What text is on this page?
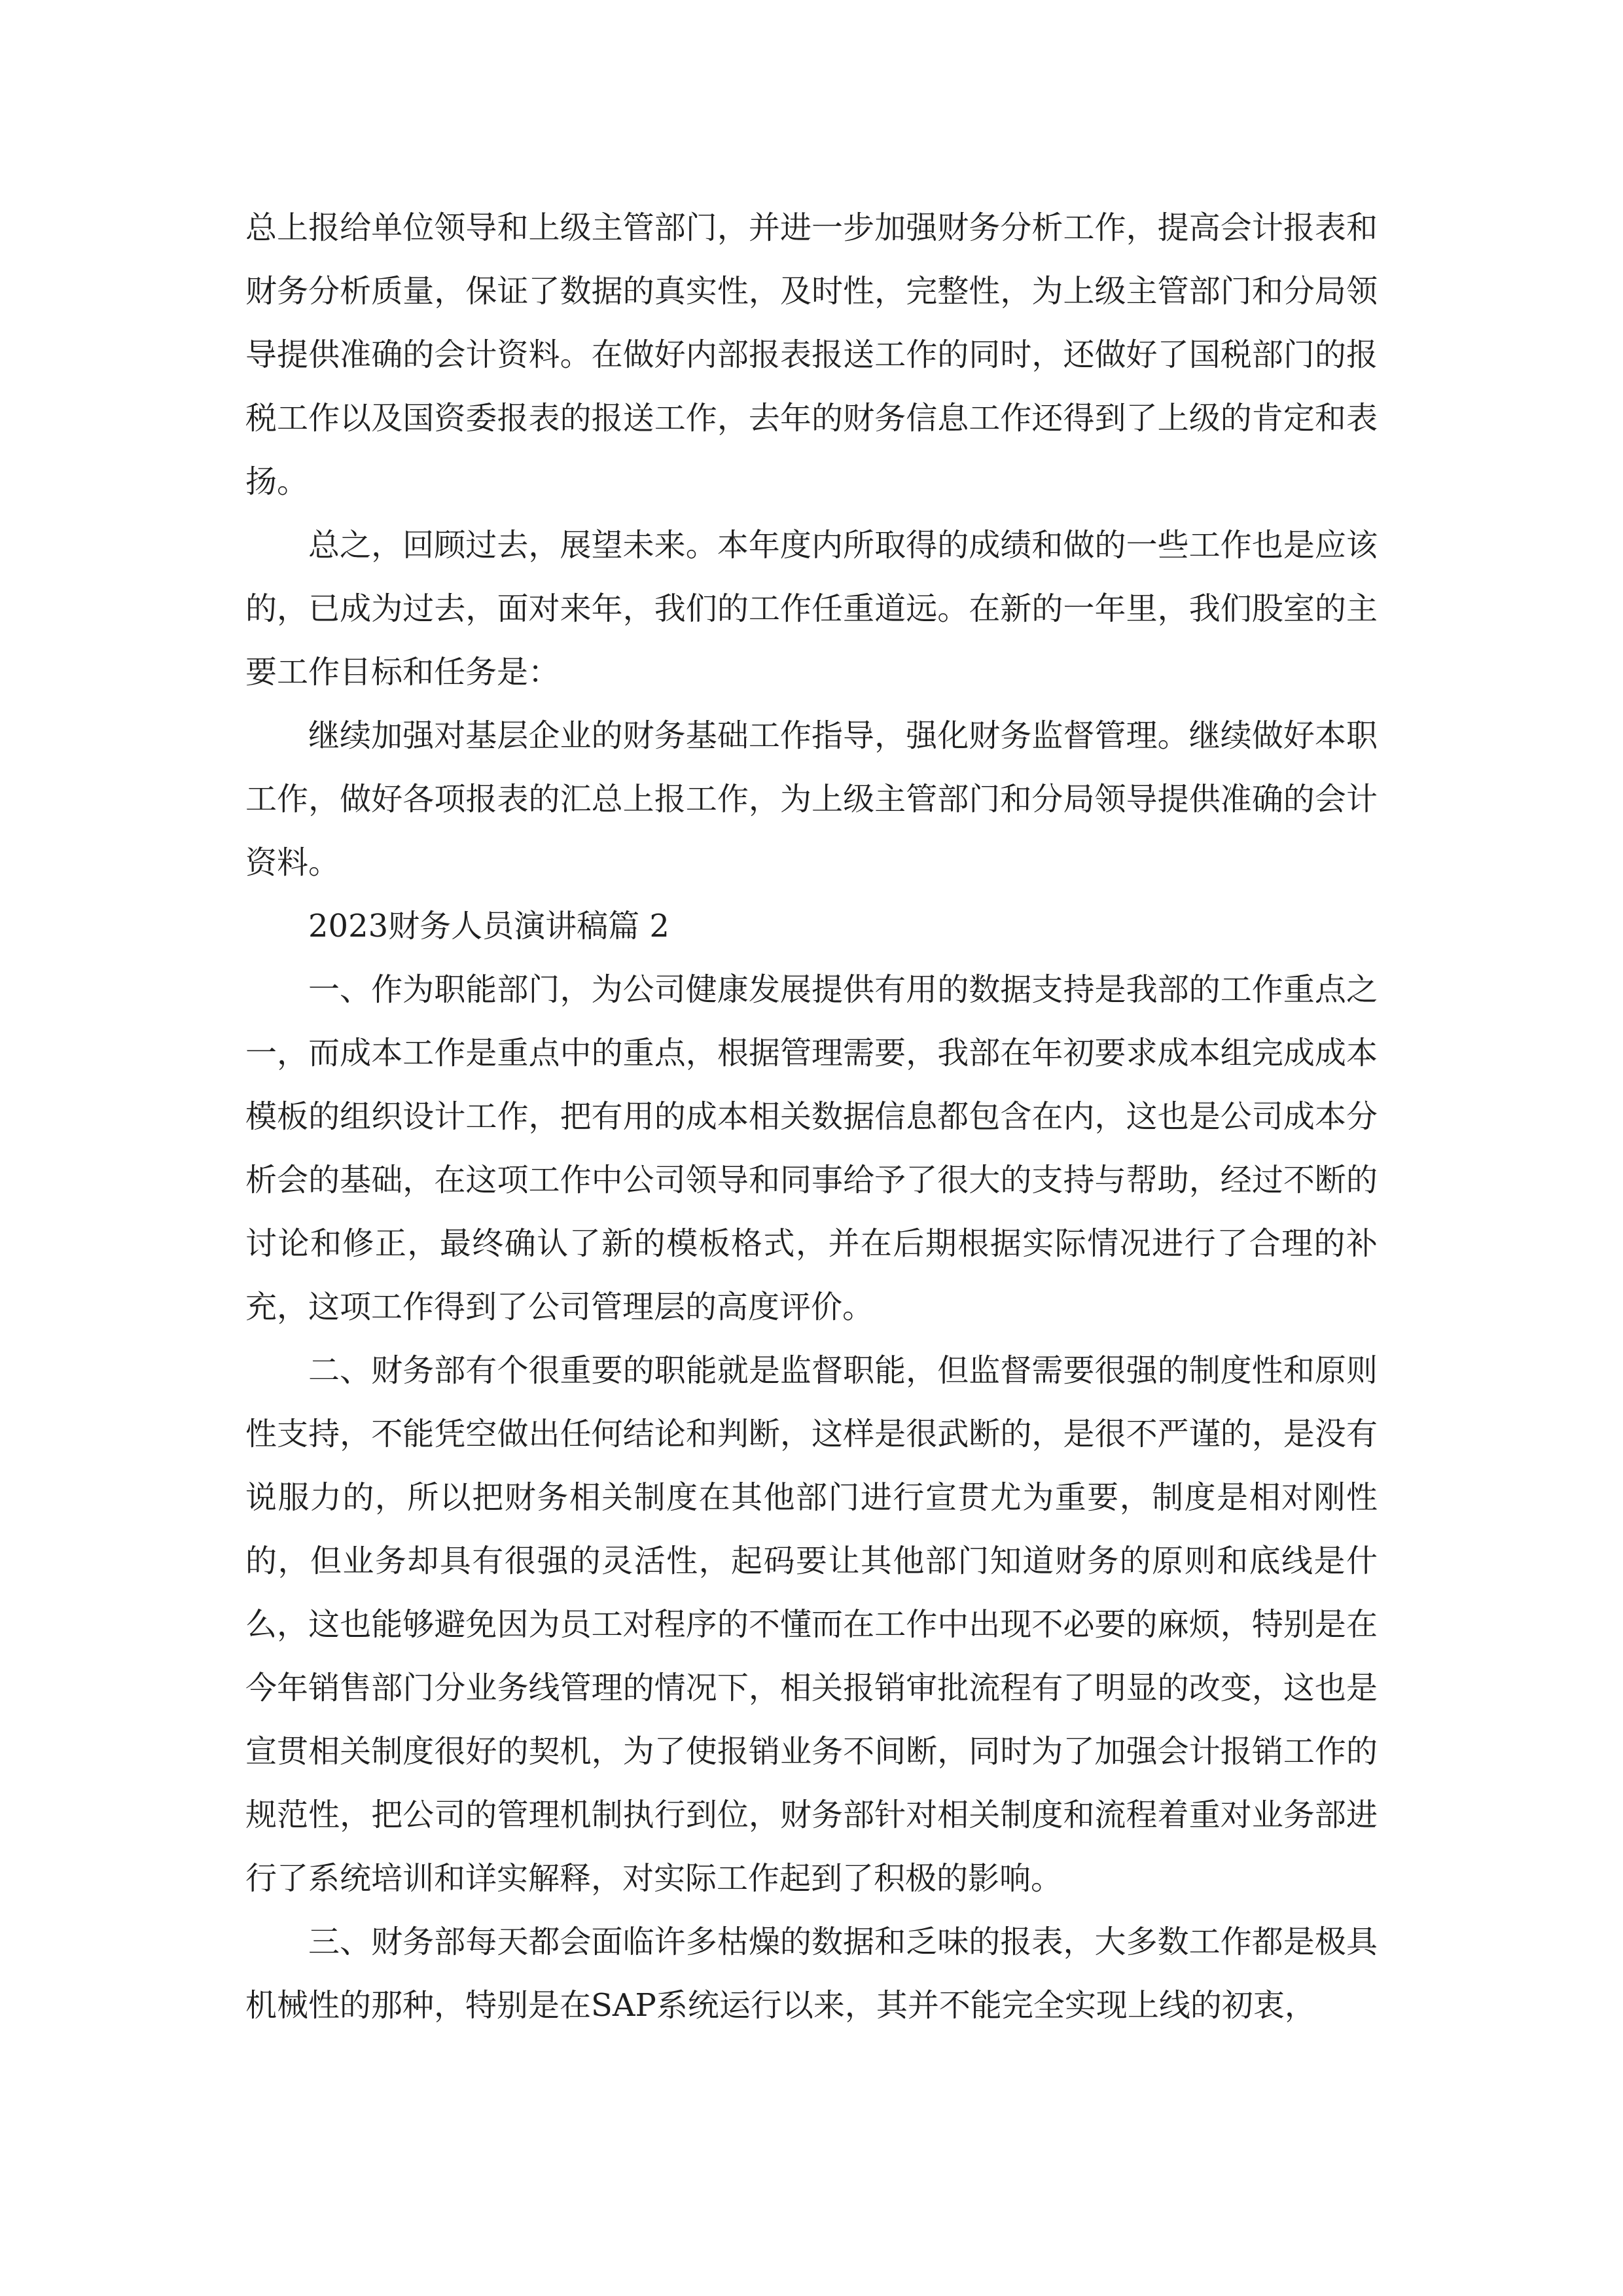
总上报给单位领导和上级主管部门，并进一步加强财务分析工作，提高会计报表和财务分析质量，保证了数据的真实性，及时性，完整性，为上级主管部门和分局领导提供准确的会计资料。在做好内部报表报送工作的同时，还做好了国税部门的报税工作以及国资委报表的报送工作，去年的财务信息工作还得到了上级的肯定和表扬。

总之，回顾过去，展望未来。本年度内所取得的成绩和做的一些工作也是应该的，已成为过去，面对来年，我们的工作任重道远。在新的一年里，我们股室的主要工作目标和任务是：

继续加强对基层企业的财务基础工作指导，强化财务监督管理。继续做好本职工作，做好各项报表的汇总上报工作，为上级主管部门和分局领导提供准确的会计资料。

2023财务人员演讲稿篇 2

一、作为职能部门，为公司健康发展提供有用的数据支持是我部的工作重点之一，而成本工作是重点中的重点，根据管理需要，我部在年初要求成本组完成成本模板的组织设计工作，把有用的成本相关数据信息都包含在内，这也是公司成本分析会的基础，在这项工作中公司领导和同事给予了很大的支持与帮助，经过不断的讨论和修正，最终确认了新的模板格式，并在后期根据实际情况进行了合理的补充，这项工作得到了公司管理层的高度评价。

二、财务部有个很重要的职能就是监督职能，但监督需要很强的制度性和原则性支持，不能凭空做出任何结论和判断，这样是很武断的，是很不严谨的，是没有说服力的，所以把财务相关制度在其他部门进行宣贯尤为重要，制度是相对刚性的，但业务却具有很强的灵活性，起码要让其他部门知道财务的原则和底线是什么，这也能够避免因为员工对程序的不懂而在工作中出现不必要的麻烦，特别是在今年销售部门分业务线管理的情况下，相关报销审批流程有了明显的改变，这也是宣贯相关制度很好的契机，为了使报销业务不间断，同时为了加强会计报销工作的规范性，把公司的管理机制执行到位，财务部针对相关制度和流程着重对业务部进行了系统培训和详实解释，对实际工作起到了积极的影响。

三、财务部每天都会面临许多枯燥的数据和乏味的报表，大多数工作都是极具机械性的那种，特别是在SAP系统运行以来，其并不能完全实现上线的初衷，
